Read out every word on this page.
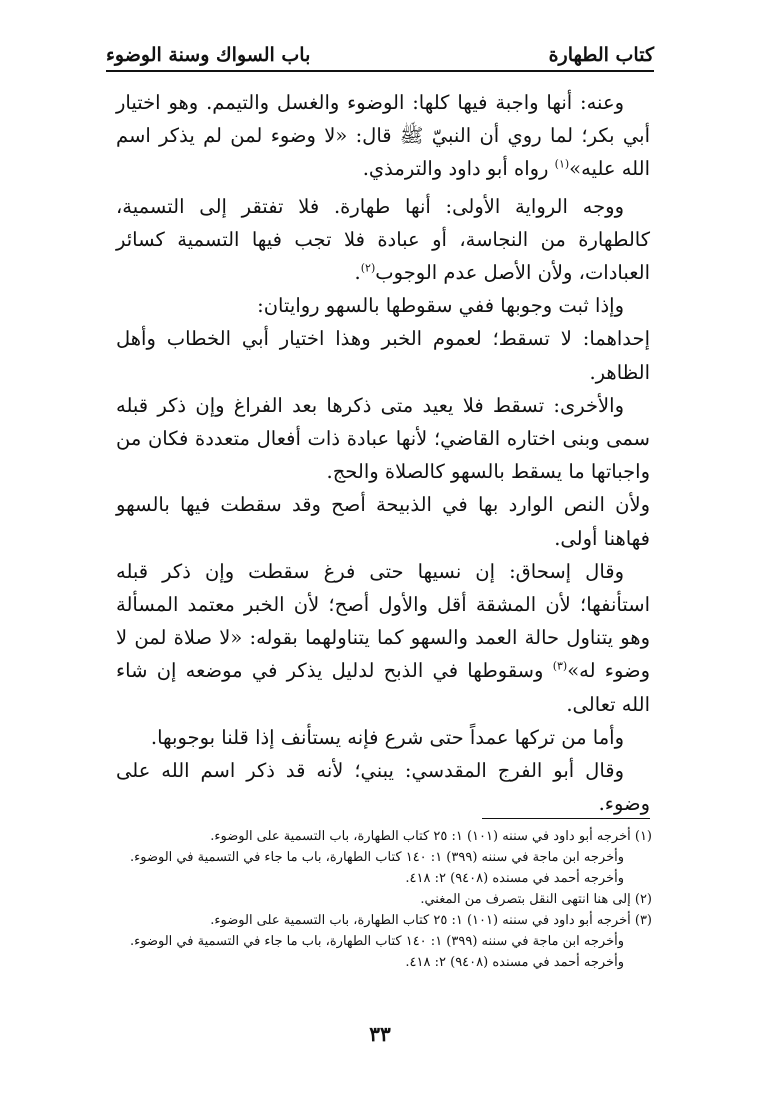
كتاب الطهارة
باب السواك وسنة الوضوء

وعنه: أنها واجبة فيها كلها: الوضوء والغسل والتيمم. وهو اختيار أبي بكر؛ لما روي أن النبيّ ﷺ قال: «لا وضوء لمن لم يذكر اسم الله عليه»$^{(١)}$ رواه أبو داود والترمذي.

ووجه الرواية الأولى: أنها طهارة. فلا تفتقر إلى التسمية، كالطهارة من النجاسة، أو عبادة فلا تجب فيها التسمية كسائر العبادات، ولأن الأصل عدم الوجوب$^{(٢)}$.

وإذا ثبت وجوبها ففي سقوطها بالسهو روايتان:

إحداهما: لا تسقط؛ لعموم الخبر وهذا اختيار أبي الخطاب وأهل الظاهر.

والأخرى: تسقط فلا يعيد متى ذكرها بعد الفراغ وإن ذكر قبله سمى وبنى اختاره القاضي؛ لأنها عبادة ذات أفعال متعددة فكان من واجباتها ما يسقط بالسهو كالصلاة والحج.

ولأن النص الوارد بها في الذبيحة أصح وقد سقطت فيها بالسهو فهاهنا أولى.

وقال إسحاق: إن نسيها حتى فرغ سقطت وإن ذكر قبله استأنفها؛ لأن المشقة أقل والأول أصح؛ لأن الخبر معتمد المسألة وهو يتناول حالة العمد والسهو كما يتناولهما بقوله: «لا صلاة لمن لا وضوء له»$^{(٣)}$ وسقوطها في الذبح لدليل يذكر في موضعه إن شاء الله تعالى.

وأما من تركها عمداً حتى شرع فإنه يستأنف إذا قلنا بوجوبها.

وقال أبو الفرج المقدسي: يبني؛ لأنه قد ذكر اسم الله على وضوء.

(١) أخرجه أبو داود في سننه (١٠١) ١: ٢٥ كتاب الطهارة، باب التسمية على الوضوء.

وأخرجه ابن ماجة في سننه (٣٩٩) ١: ١٤٠ كتاب الطهارة، باب ما جاء في التسمية في الوضوء.

وأخرجه أحمد في مسنده (٩٤٠٨) ٢: ٤١٨.

(٢) إلى هنا انتهى النقل بتصرف من المغني.

(٣) أخرجه أبو داود في سننه (١٠١) ١: ٢٥ كتاب الطهارة، باب التسمية على الوضوء.

وأخرجه ابن ماجة في سننه (٣٩٩) ١: ١٤٠ كتاب الطهارة، باب ما جاء في التسمية في الوضوء.

وأخرجه أحمد في مسنده (٩٤٠٨) ٢: ٤١٨.

٣٣
